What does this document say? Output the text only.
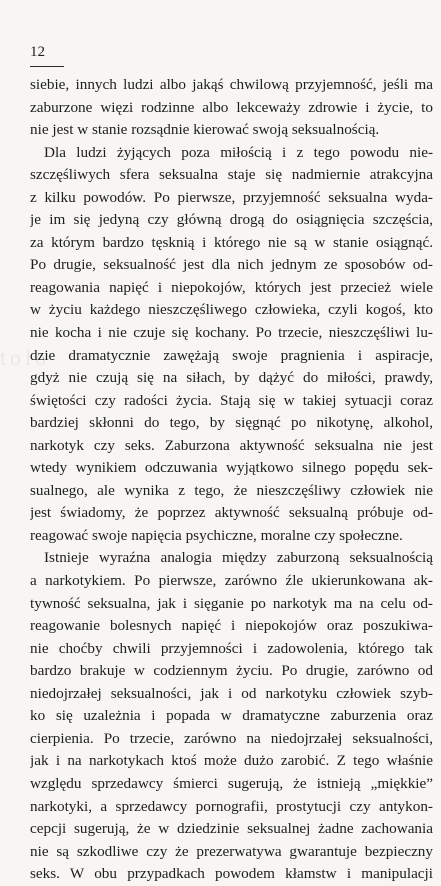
12
tolo
siebie, innych ludzi albo jakąś chwilową przyjemność, jeśli ma
zaburzone więzi rodzinne albo lekceważy zdrowie i życie, to
nie jest w stanie rozsądnie kierować swoją seksualnością.
Dla ludzi żyjących poza miłością i z tego powodu nie-
szczęśliwych sfera seksualna staje się nadmiernie atrakcyjna
z kilku powodów. Po pierwsze, przyjemność seksualna wyda-
je im się jedyną czy główną drogą do osiągnięcia szczęścia,
za którym bardzo tęsknią i którego nie są w stanie osiągnąć.
Po drugie, seksualność jest dla nich jednym ze sposobów od-
reagowania napięć i niepokojów, których jest przecież wiele
w życiu każdego nieszczęśliwego człowieka, czyli kogoś, kto
nie kocha i nie czuje się kochany. Po trzecie, nieszczęśliwi lu-
dzie dramatycznie zawężają swoje pragnienia i aspiracje,
gdyż nie czują się na siłach, by dążyć do miłości, prawdy,
świętości czy radości życia. Stają się w takiej sytuacji coraz
bardziej skłonni do tego, by sięgnąć po nikotynę, alkohol,
narkotyk czy seks. Zaburzona aktywność seksualna nie jest
wtedy wynikiem odczuwania wyjątkowo silnego popędu sek-
sualnego, ale wynika z tego, że nieszczęśliwy człowiek nie
jest świadomy, że poprzez aktywność seksualną próbuje od-
reagować swoje napięcia psychiczne, moralne czy społeczne.
Istnieje wyraźna analogia między zaburzoną seksualnością
a narkotykiem. Po pierwsze, zarówno źle ukierunkowana ak-
tywność seksualna, jak i sięganie po narkotyk ma na celu od-
reagowanie bolesnych napięć i niepokojów oraz poszukiwa-
nie choćby chwili przyjemności i zadowolenia, którego tak
bardzo brakuje w codziennym życiu. Po drugie, zarówno od
niedojrzałej seksualności, jak i od narkotyku człowiek szyb-
ko się uzależnia i popada w dramatyczne zaburzenia oraz
cierpienia. Po trzecie, zarówno na niedojrzałej seksualności,
jak i na narkotykach ktoś może dużo zarobić. Z tego właśnie
względu sprzedawcy śmierci sugerują, że istnieją „miękkie”
narkotyki, a sprzedawcy pornografii, prostytucji czy antykon-
cepcji sugerują, że w dziedzinie seksualnej żadne zachowania
nie są szkodliwe czy że prezerwatywa gwarantuje bezpieczny
seks. W obu przypadkach powodem kłamstw i manipulacji
